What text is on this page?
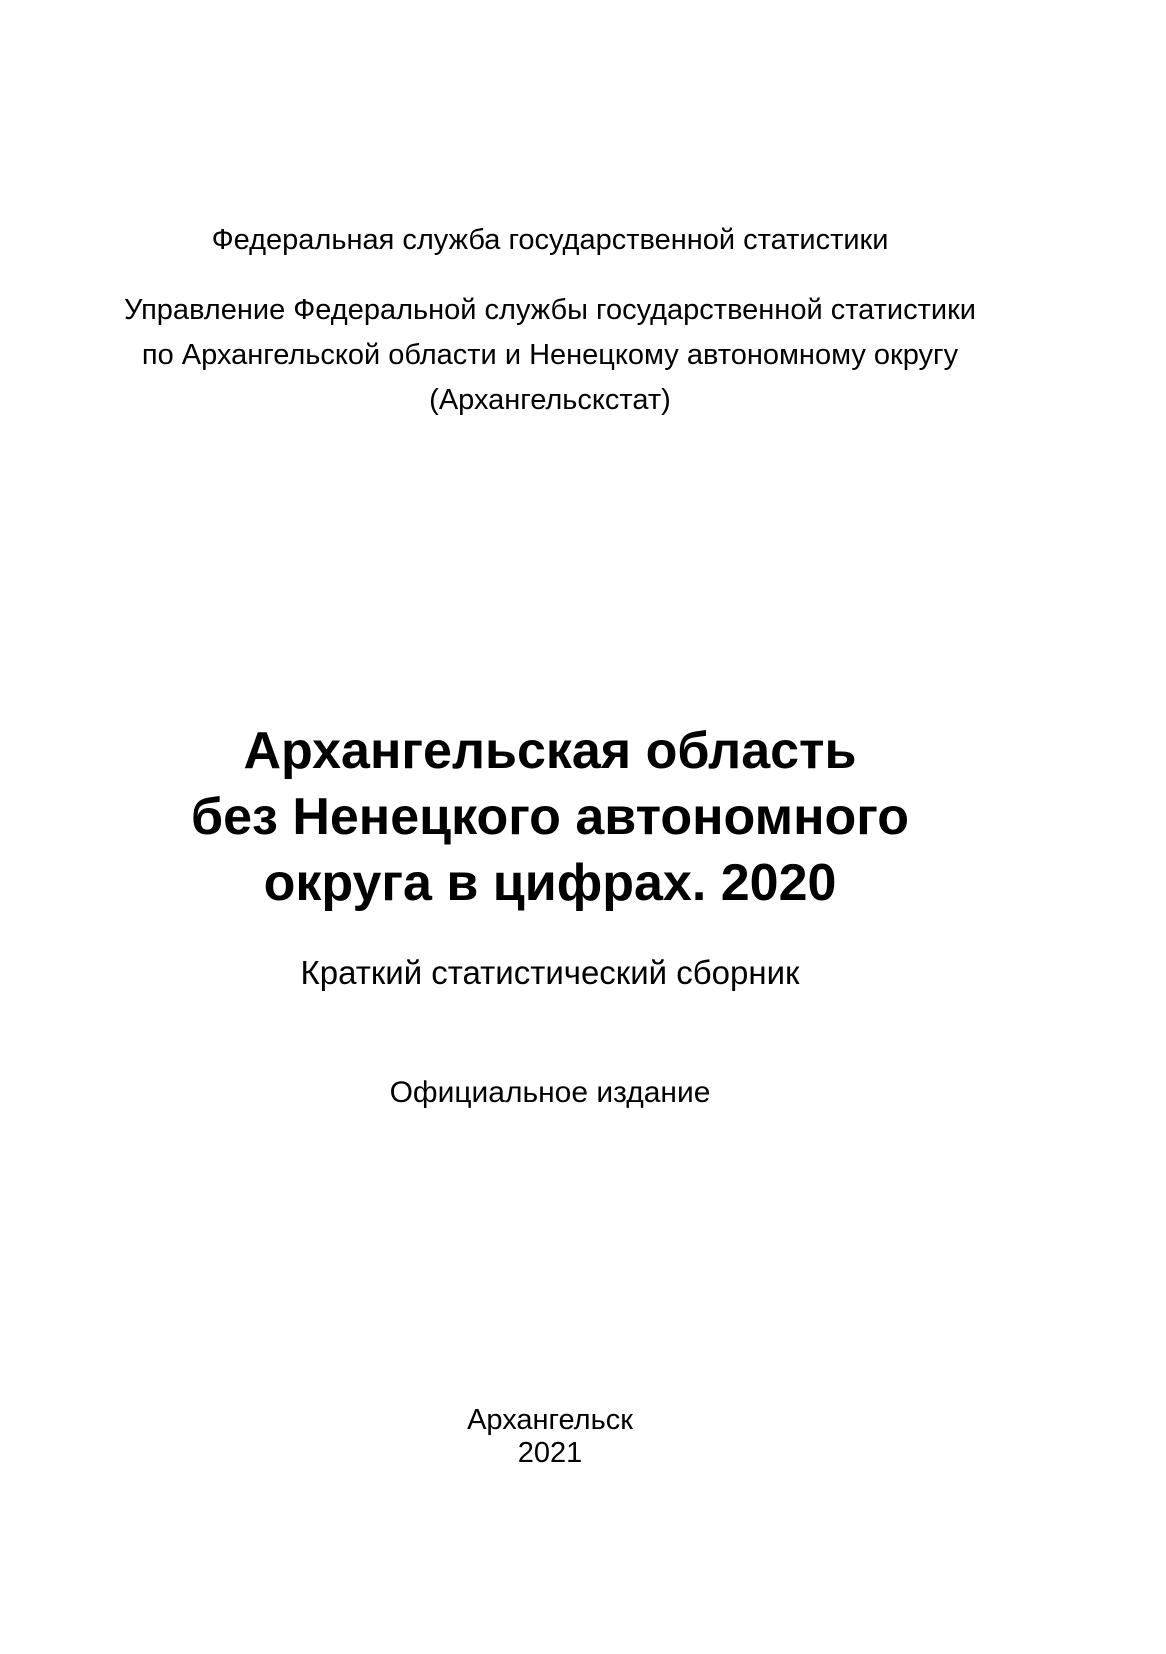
Федеральная служба государственной статистики

Управление Федеральной службы государственной статистики
по Архангельской области и Ненецкому автономному округу
(Архангельскстат)
Архангельская область
без Ненецкого автономного
округа в цифрах. 2020

Краткий статистический сборник

Официальное издание

Архангельск
2021
